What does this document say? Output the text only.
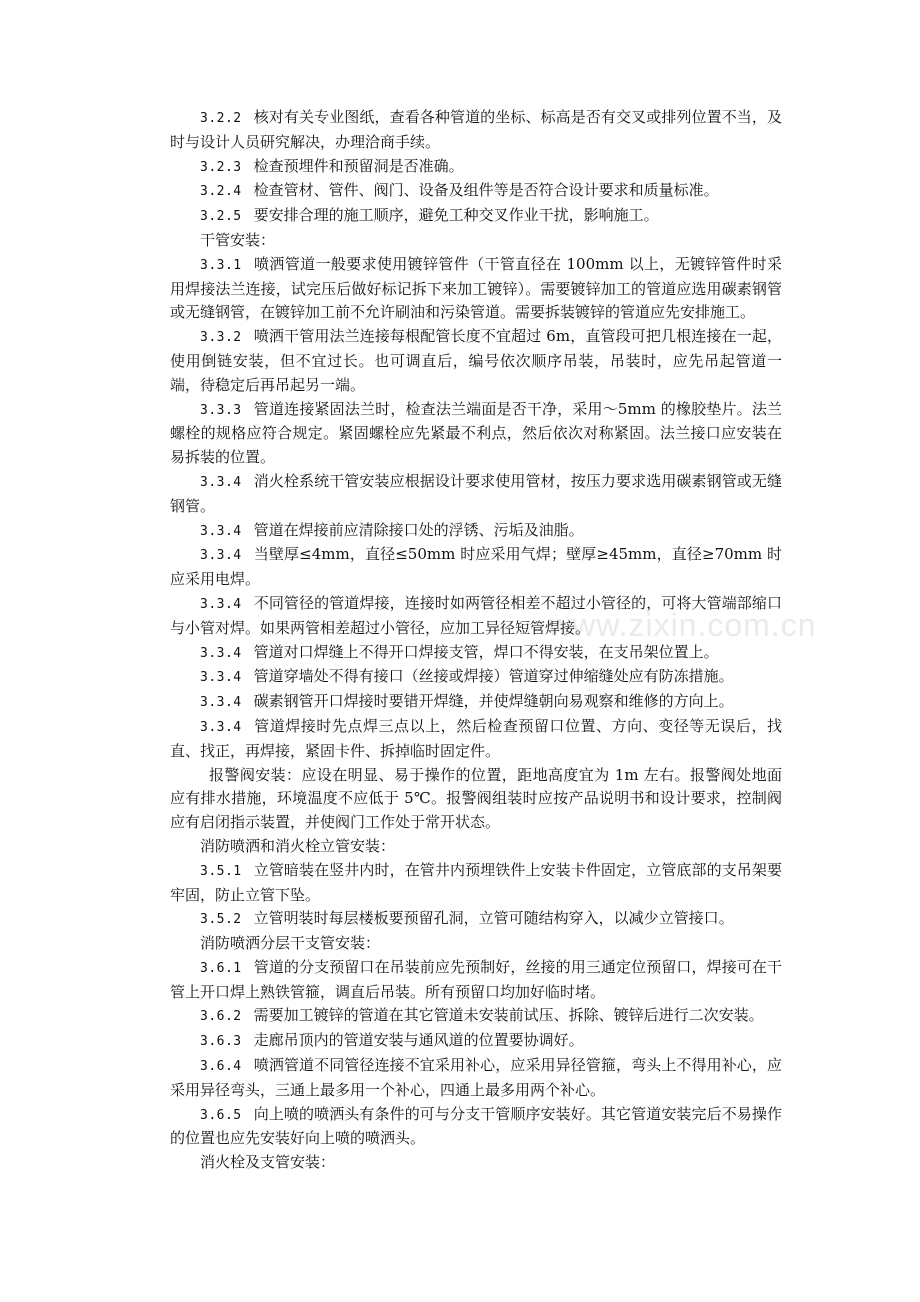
www.zixin.com.cn

3.2.2 核对有关专业图纸，查看各种管道的坐标、标高是否有交叉或排列位置不当，及时与设计人员研究解决，办理洽商手续。

3.2.3 检查预埋件和预留洞是否准确。

3.2.4 检查管材、管件、阀门、设备及组件等是否符合设计要求和质量标准。

3.2.5 要安排合理的施工顺序，避免工种交叉作业干扰，影响施工。

干管安装：

3.3.1 喷洒管道一般要求使用镀锌管件（干管直径在 100mm 以上，无镀锌管件时采用焊接法兰连接，试完压后做好标记拆下来加工镀锌）。需要镀锌加工的管道应选用碳素钢管或无缝钢管，在镀锌加工前不允许刷油和污染管道。需要拆装镀锌的管道应先安排施工。

3.3.2 喷洒干管用法兰连接每根配管长度不宜超过 6m，直管段可把几根连接在一起，使用倒链安装，但不宜过长。也可调直后，编号依次顺序吊装，吊装时，应先吊起管道一端，待稳定后再吊起另一端。

3.3.3 管道连接紧固法兰时，检查法兰端面是否干净，采用～5mm 的橡胶垫片。法兰螺栓的规格应符合规定。紧固螺栓应先紧最不利点，然后依次对称紧固。法兰接口应安装在易拆装的位置。

3.3.4 消火栓系统干管安装应根据设计要求使用管材，按压力要求选用碳素钢管或无缝钢管。

3.3.4 管道在焊接前应清除接口处的浮锈、污垢及油脂。

3.3.4 当壁厚≤4mm，直径≤50mm 时应采用气焊；壁厚≥45mm，直径≥70mm 时应采用电焊。

3.3.4 不同管径的管道焊接，连接时如两管径相差不超过小管径的，可将大管端部缩口与小管对焊。如果两管相差超过小管径，应加工异径短管焊接。

3.3.4 管道对口焊缝上不得开口焊接支管，焊口不得安装，在支吊架位置上。

3.3.4 管道穿墙处不得有接口（丝接或焊接）管道穿过伸缩缝处应有防冻措施。

3.3.4 碳素钢管开口焊接时要错开焊缝，并使焊缝朝向易观察和维修的方向上。

3.3.4 管道焊接时先点焊三点以上，然后检查预留口位置、方向、变径等无误后，找直、找正，再焊接，紧固卡件、拆掉临时固定件。

报警阀安装：应设在明显、易于操作的位置，距地高度宜为 1m 左右。报警阀处地面应有排水措施，环境温度不应低于 5℃。报警阀组装时应按产品说明书和设计要求，控制阀应有启闭指示装置，并使阀门工作处于常开状态。

消防喷洒和消火栓立管安装：

3.5.1 立管暗装在竖井内时，在管井内预埋铁件上安装卡件固定，立管底部的支吊架要牢固，防止立管下坠。

3.5.2 立管明装时每层楼板要预留孔洞，立管可随结构穿入，以减少立管接口。

消防喷洒分层干支管安装：

3.6.1 管道的分支预留口在吊装前应先预制好，丝接的用三通定位预留口，焊接可在干管上开口焊上熟铁管箍，调直后吊装。所有预留口均加好临时堵。

3.6.2 需要加工镀锌的管道在其它管道未安装前试压、拆除、镀锌后进行二次安装。

3.6.3 走廊吊顶内的管道安装与通风道的位置要协调好。

3.6.4 喷洒管道不同管径连接不宜采用补心，应采用异径管箍，弯头上不得用补心，应采用异径弯头，三通上最多用一个补心，四通上最多用两个补心。

3.6.5 向上喷的喷洒头有条件的可与分支干管顺序安装好。其它管道安装完后不易操作的位置也应先安装好向上喷的喷洒头。

消火栓及支管安装：
